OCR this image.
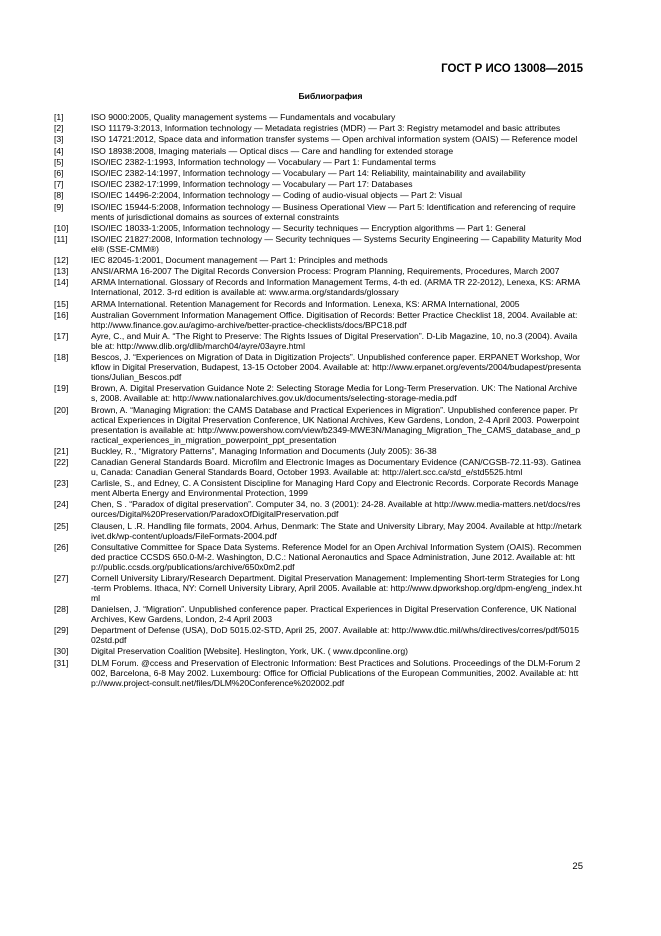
ГОСТ Р ИСО 13008—2015
Библиография
[1]	ISO 9000:2005, Quality management systems — Fundamentals and vocabulary
[2]	ISO 11179-3:2013, Information technology — Metadata registries (MDR) — Part 3: Registry metamodel and basic attributes
[3]	ISO 14721:2012, Space data and information transfer systems — Open archival information system (OAIS) — Reference model
[4]	ISO 18938:2008, Imaging materials — Optical discs — Care and handling for extended storage
[5]	ISO/IEC 2382-1:1993, Information technology — Vocabulary — Part 1: Fundamental terms
[6]	ISO/IEC 2382-14:1997, Information technology — Vocabulary — Part 14: Reliability, maintainability and availability
[7]	ISO/IEC 2382-17:1999, Information technology — Vocabulary — Part 17: Databases
[8]	ISO/IEC 14496-2:2004, Information technology — Coding of audio-visual objects — Part 2: Visual
[9]	ISO/IEC 15944-5:2008, Information technology — Business Operational View — Part 5: Identification and referencing of requirements of jurisdictional domains as sources of external constraints
[10]	ISO/IEC 18033-1:2005, Information technology — Security techniques — Encryption algorithms — Part 1: General
[11]	ISO/IEC 21827:2008, Information technology — Security techniques — Systems Security Engineering — Capability Maturity Model® (SSE-CMM®)
[12]	IEC 82045-1:2001, Document management — Part 1: Principles and methods
[13]	ANSI/ARMA 16-2007 The Digital Records Conversion Process: Program Planning, Requirements, Procedures, March 2007
[14]	ARMA International. Glossary of Records and Information Management Terms, 4-th ed. (ARMA TR 22-2012), Lenexa, KS: ARMA International, 2012. 3-rd edition is available at: www.arma.org/standards/glossary
[15]	ARMA International. Retention Management for Records and Information. Lenexa, KS: ARMA International, 2005
[16]	Australian Government Information Management Office. Digitisation of Records: Better Practice Checklist 18, 2004. Available at: http://www.finance.gov.au/agimo-archive/better-practice-checklists/docs/BPC18.pdf
[17]	Ayre, C., and Muir A. “The Right to Preserve: The Rights Issues of Digital Preservation”. D-Lib Magazine, 10, no.3 (2004). Available at: http://www.dlib.org/dlib/march04/ayre/03ayre.html
[18]	Bescos, J. “Experiences on Migration of Data in Digitization Projects”. Unpublished conference paper. ERPANET Workshop, Workflow in Digital Preservation, Budapest, 13-15 October 2004. Available at: http://www.erpanet.org/events/2004/budapest/presentations/Julian_Bescos.pdf
[19]	Brown, A. Digital Preservation Guidance Note 2: Selecting Storage Media for Long-Term Preservation. UK: The National Archives, 2008. Available at: http://www.nationalarchives.gov.uk/documents/selecting-storage-media.pdf
[20]	Brown, A. “Managing Migration: the CAMS Database and Practical Experiences in Migration”. Unpublished conference paper. Practical Experiences in Digital Preservation Conference, UK National Archives, Kew Gardens, London, 2-4 April 2003. Powerpoint presentation is available at: http://www.powershow.com/view/b2349-MWE3N/Managing_Migration_The_CAMS_database_and_practical_experiences_in_migration_powerpoint_ppt_presentation
[21]	Buckley, R., “Migratory Patterns”, Managing Information and Documents (July 2005): 36-38
[22]	Canadian General Standards Board. Microfilm and Electronic Images as Documentary Evidence (CAN/CGSB-72.11-93). Gatineau, Canada: Canadian General Standards Board, October 1993. Available at: http://alert.scc.ca/std_e/std5525.html
[23]	Carlisle, S., and Edney, C. A Consistent Discipline for Managing Hard Copy and Electronic Records. Corporate Records Management Alberta Energy and Environmental Protection, 1999
[24]	Chen, S . “Paradox of digital preservation”. Computer 34, no. 3 (2001): 24-28. Available at http://www.media-matters.net/docs/resources/Digital%20Preservation/ParadoxOfDigitalPreservation.pdf
[25]	Clausen, L .R. Handling file formats, 2004. Arhus, Denmark: The State and University Library, May 2004. Available at http://netarkivet.dk/wp-content/uploads/FileFormats-2004.pdf
[26]	Consultative Committee for Space Data Systems. Reference Model for an Open Archival Information System (OAIS). Recommended practice CCSDS 650.0-M-2. Washington, D.C.: National Aeronautics and Space Administration, June 2012. Available at: http://public.ccsds.org/publications/archive/650x0m2.pdf
[27]	Cornell University Library/Research Department. Digital Preservation Management: Implementing Short-term Strategies for Long-term Problems. Ithaca, NY: Cornell University Library, April 2005. Available at: http://www.dpworkshop.org/dpm-eng/eng_index.html
[28]	Danielsen, J. “Migration”. Unpublished conference paper. Practical Experiences in Digital Preservation Conference, UK National Archives, Kew Gardens, London, 2-4 April 2003
[29]	Department of Defense (USA), DoD 5015.02-STD, April 25, 2007. Available at: http://www.dtic.mil/whs/directives/corres/pdf/501502std.pdf
[30]	Digital Preservation Coalition [Website]. Heslington, York, UK. ( www.dpconline.org)
[31]	DLM Forum. @ccess and Preservation of Electronic Information: Best Practices and Solutions. Proceedings of the DLM-Forum 2002, Barcelona, 6-8 May 2002. Luxembourg: Office for Official Publications of the European Communities, 2002. Available at: http://www.project-consult.net/files/DLM%20Conference%202002.pdf
25
